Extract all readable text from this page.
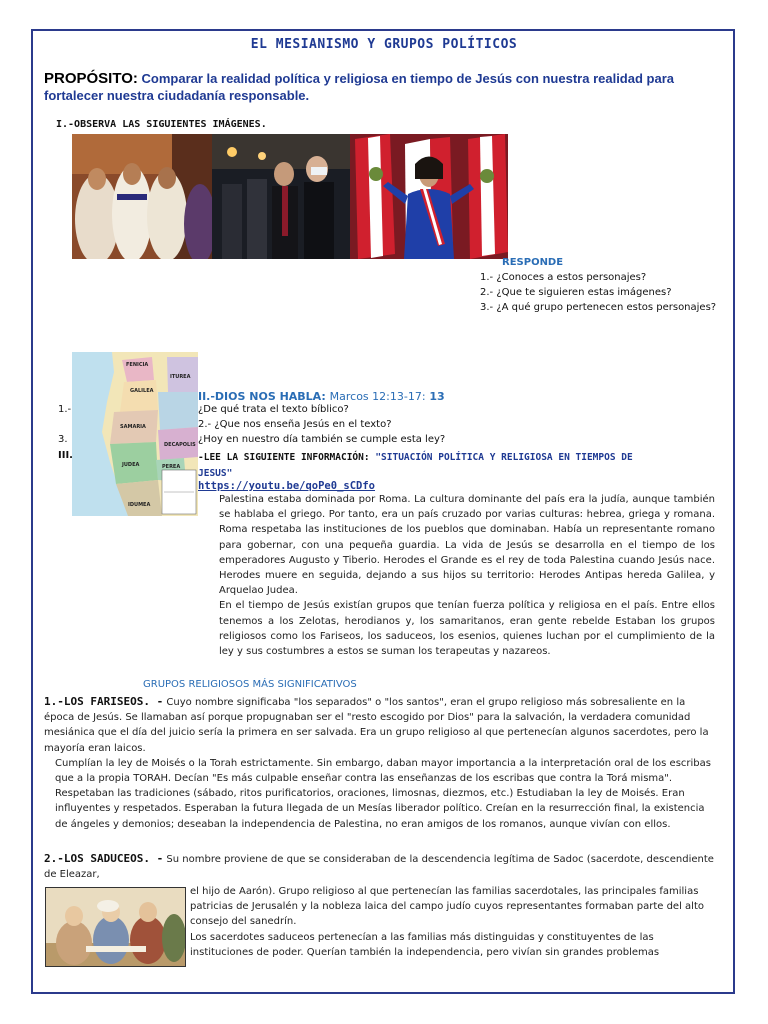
EL MESIANISMO Y GRUPOS POLÍTICOS
PROPÓSITO: Comparar la realidad política y religiosa en tiempo de Jesús con nuestra realidad para fortalecer nuestra ciudadanía responsable.
I.-OBSERVA LAS SIGUIENTES IMÁGENES.
RESPONDE
1.- ¿Conoces a estos personajes?
2.- ¿Que te siguieren estas imágenes?
3.- ¿A qué grupo pertenecen estos personajes?
FENICIA
ITUREA
GALILEA
SAMARIA
DECAPOLIS
JUDEA	PEREA
IDUMEA
II.-DIOS NOS HABLA: Marcos 12:13-17: 13
1.-	¿De qué trata el texto bíblico?
2.- ¿Que nos enseña Jesús en el texto?
3.	¿Hoy en nuestro día también se cumple esta ley?
III.	-LEE LA SIGUIENTE INFORMACIÓN: "SITUACIÓN POLÍTICA Y RELIGIOSA EN TIEMPOS DE
JESUS"
https://youtu.be/qoPe0_sCDfo
Palestina estaba dominada por Roma. La cultura dominante del país era la judía, aunque también se hablaba el griego. Por tanto, era un país cruzado por varias culturas: hebrea, griega y romana. Roma respetaba las instituciones de los pueblos que dominaban. Había un representante romano para gobernar, con una pequeña guardia. La vida de Jesús se desarrolla en el tiempo de los emperadores Augusto y Tiberio. Herodes el Grande es el rey de toda Palestina cuando Jesús nace. Herodes muere en seguida, dejando a sus hijos su territorio: Herodes Antipas hereda Galilea, y Arquelao Judea.
En el tiempo de Jesús existían grupos que tenían fuerza política y religiosa en el país. Entre ellos tenemos a los Zelotas, herodianos y, los samaritanos, eran gente rebelde Estaban los grupos religiosos como los Fariseos, los saduceos, los esenios, quienes luchan por el cumplimiento de la ley y sus costumbres a estos se suman los terapeutas y nazareos.
GRUPOS RELIGIOSOS MÁS SIGNIFICATIVOS
1.-LOS FARISEOS. - Cuyo nombre significaba "los separados" o "los santos", eran el grupo religioso más sobresaliente en la época de Jesús. Se llamaban así porque propugnaban ser el "resto escogido por Dios" para la salvación, la verdadera comunidad mesiánica que el día del juicio sería la primera en ser salvada. Era un grupo religioso al que pertenecían algunos sacerdotes, pero la mayoría eran laicos.
Cumplían la ley de Moisés o la Torah estrictamente. Sin embargo, daban mayor importancia a la interpretación oral de los escribas que a la propia TORAH. Decían "Es más culpable enseñar contra las enseñanzas de los escribas que contra la Torá misma". Respetaban las tradiciones (sábado, ritos purificatorios, oraciones, limosnas, diezmos, etc.) Estudiaban la ley de Moisés. Eran influyentes y respetados. Esperaban la futura llegada de un Mesías liberador político. Creían en la resurrección final, la existencia de ángeles y demonios; deseaban la independencia de Palestina, no eran amigos de los romanos, aunque vivían con ellos.
2.-LOS SADUCEOS. - Su nombre proviene de que se consideraban de la descendencia legítima de Sadoc (sacerdote, descendiente de Eleazar,
el hijo de Aarón). Grupo religioso al que pertenecían las familias sacerdotales, las principales familias patricias de Jerusalén y la nobleza laica del campo judío cuyos representantes formaban parte del alto consejo del sanedrín.
Los sacerdotes saduceos pertenecían a las familias más distinguidas y constituyentes de las instituciones de poder. Querían también la independencia, pero vivían sin grandes problemas
